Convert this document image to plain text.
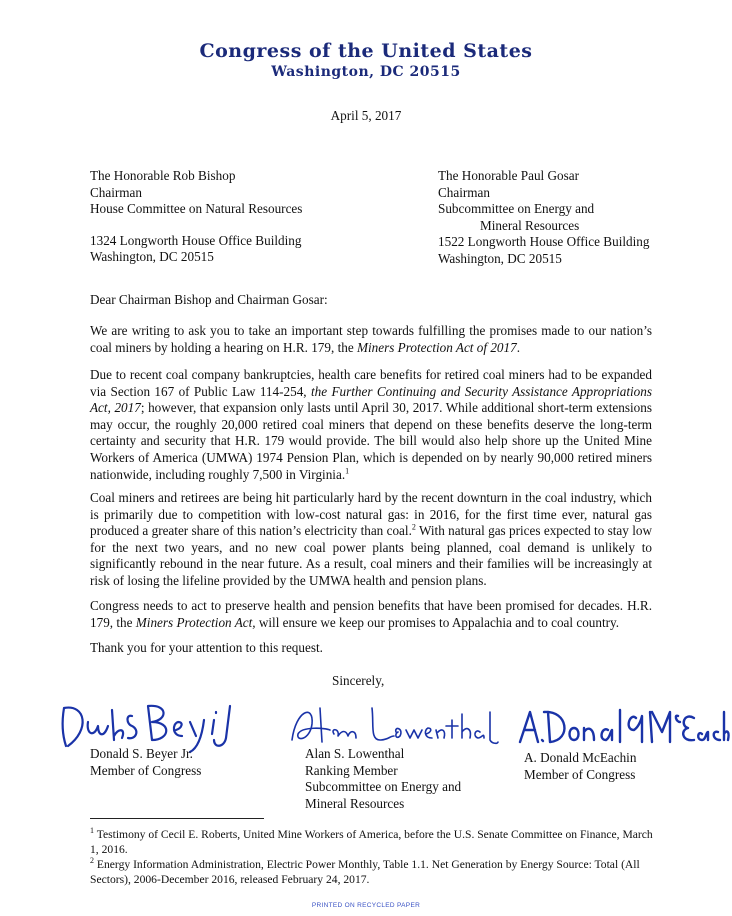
Congress of the United States
Washington, DC 20515
April 5, 2017
The Honorable Rob Bishop
Chairman
House Committee on Natural Resources
1324 Longworth House Office Building
Washington, DC 20515
The Honorable Paul Gosar
Chairman
Subcommittee on Energy and
Mineral Resources
1522 Longworth House Office Building
Washington, DC 20515
Dear Chairman Bishop and Chairman Gosar:
We are writing to ask you to take an important step towards fulfilling the promises made to our nation’s coal miners by holding a hearing on H.R. 179, the Miners Protection Act of 2017.
Due to recent coal company bankruptcies, health care benefits for retired coal miners had to be expanded via Section 167 of Public Law 114-254, the Further Continuing and Security Assistance Appropriations Act, 2017; however, that expansion only lasts until April 30, 2017. While additional short-term extensions may occur, the roughly 20,000 retired coal miners that depend on these benefits deserve the long-term certainty and security that H.R. 179 would provide. The bill would also help shore up the United Mine Workers of America (UMWA) 1974 Pension Plan, which is depended on by nearly 90,000 retired miners nationwide, including roughly 7,500 in Virginia.$^1$
Coal miners and retirees are being hit particularly hard by the recent downturn in the coal industry, which is primarily due to competition with low-cost natural gas: in 2016, for the first time ever, natural gas produced a greater share of this nation’s electricity than coal.$^2$ With natural gas prices expected to stay low for the next two years, and no new coal power plants being planned, coal demand is unlikely to significantly rebound in the near future. As a result, coal miners and their families will be increasingly at risk of losing the lifeline provided by the UMWA health and pension plans.
Congress needs to act to preserve health and pension benefits that have been promised for decades. H.R. 179, the Miners Protection Act, will ensure we keep our promises to Appalachia and to coal country.
Thank you for your attention to this request.
Sincerely,
Donald S. Beyer Jr.
Member of Congress
Alan S. Lowenthal
Ranking Member
Subcommittee on Energy and
Mineral Resources
A. Donald McEachin
Member of Congress
$^1$ Testimony of Cecil E. Roberts, United Mine Workers of America, before the U.S. Senate Committee on Finance, March 1, 2016.
$^2$ Energy Information Administration, Electric Power Monthly, Table 1.1. Net Generation by Energy Source: Total (All Sectors), 2006-December 2016, released February 24, 2017.
PRINTED ON RECYCLED PAPER
